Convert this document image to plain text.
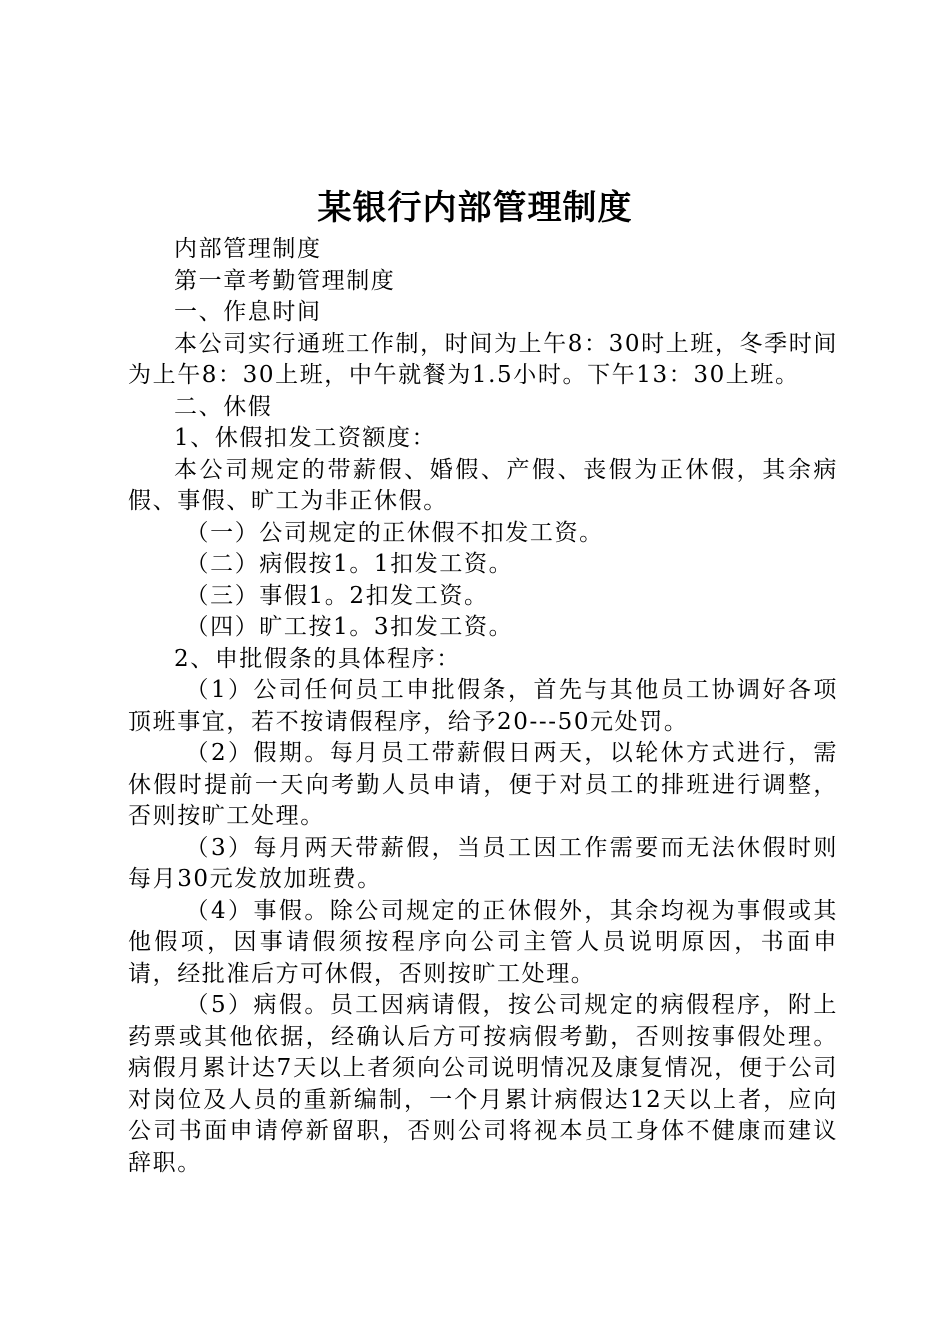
某银行内部管理制度

内部管理制度

第一章考勤管理制度

一、作息时间

本公司实行通班工作制，时间为上午8：30时上班，冬季时间为上午8：30上班，中午就餐为1.5小时。下午13：30上班。

二、休假

1、休假扣发工资额度：

本公司规定的带薪假、婚假、产假、丧假为正休假，其余病假、事假、旷工为非正休假。

（一）公司规定的正休假不扣发工资。

（二）病假按1。1扣发工资。

（三）事假1。2扣发工资。

（四）旷工按1。3扣发工资。

2、申批假条的具体程序：

（1）公司任何员工申批假条，首先与其他员工协调好各项顶班事宜，若不按请假程序，给予20---50元处罚。

（2）假期。每月员工带薪假日两天，以轮休方式进行，需休假时提前一天向考勤人员申请，便于对员工的排班进行调整，否则按旷工处理。

（3）每月两天带薪假，当员工因工作需要而无法休假时则每月30元发放加班费。

（4）事假。除公司规定的正休假外，其余均视为事假或其他假项，因事请假须按程序向公司主管人员说明原因，书面申请，经批准后方可休假，否则按旷工处理。

（5）病假。员工因病请假，按公司规定的病假程序，附上药票或其他依据，经确认后方可按病假考勤，否则按事假处理。病假月累计达7天以上者须向公司说明情况及康复情况，便于公司对岗位及人员的重新编制，一个月累计病假达12天以上者，应向公司书面申请停新留职，否则公司将视本员工身体不健康而建议辞职。
